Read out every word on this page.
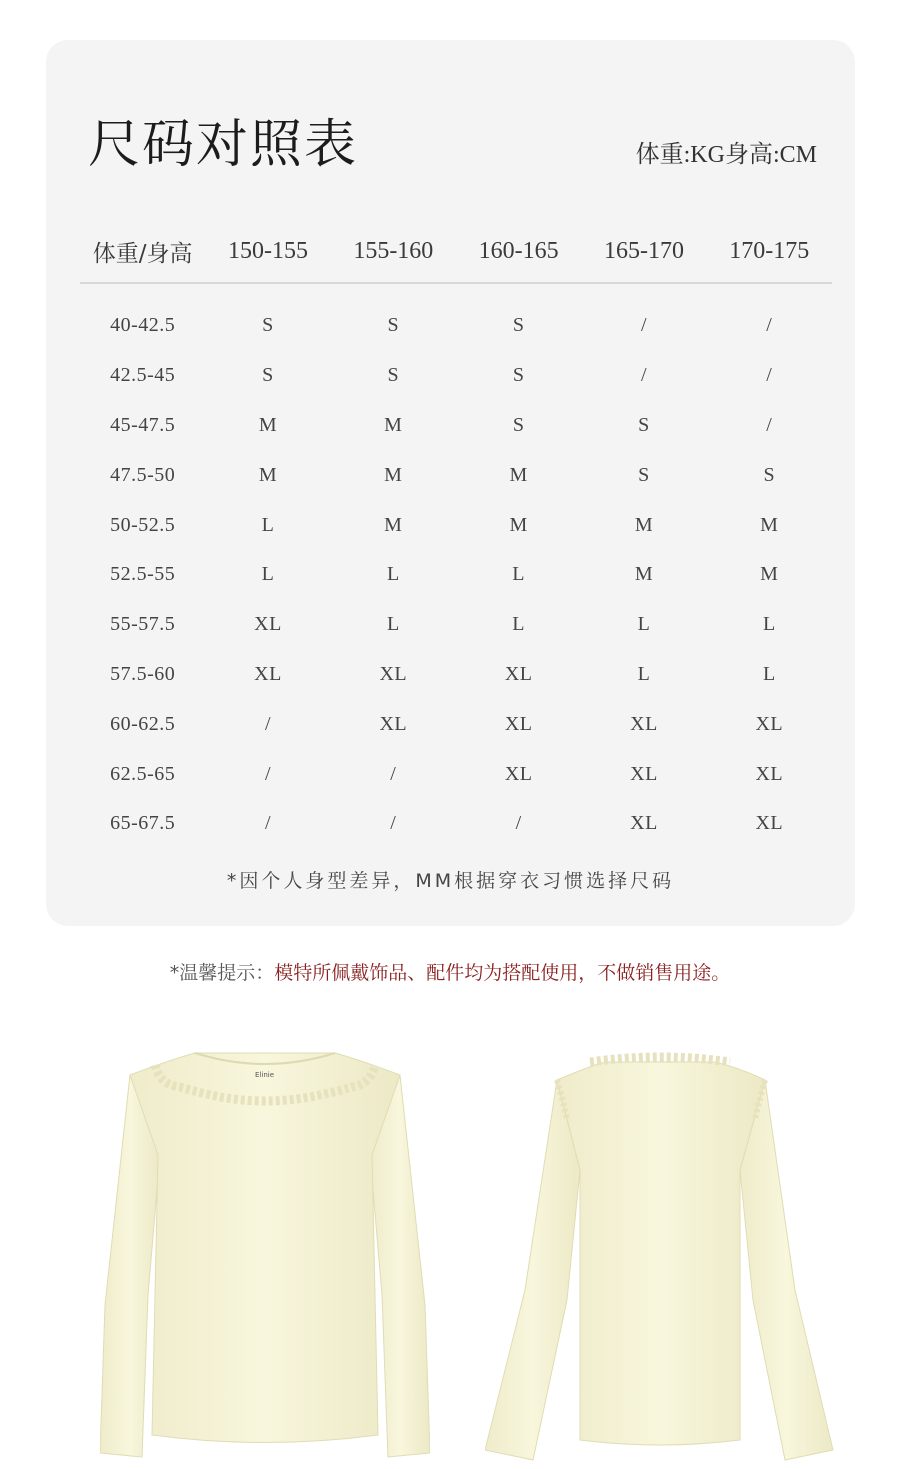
尺码对照表	体重:KG身高:CM
体重/身高	150-155	155-160	160-165	165-170	170-175
40-42.5	S	S	S	/	/
42.5-45	S	S	S	/	/
45-47.5	M	M	S	S	/
47.5-50	M	M	M	S	S
50-52.5	L	M	M	M	M
52.5-55	L	L	L	M	M
55-57.5	XL	L	L	L	L
57.5-60	XL	XL	XL	L	L
60-62.5	/	XL	XL	XL	XL
62.5-65	/	/	XL	XL	XL
65-67.5	/	/	/	XL	XL
*因个人身型差异，MM根据穿衣习惯选择尺码
*温馨提示：模特所佩戴饰品、配件均为搭配使用，不做销售用途。
Elinie
